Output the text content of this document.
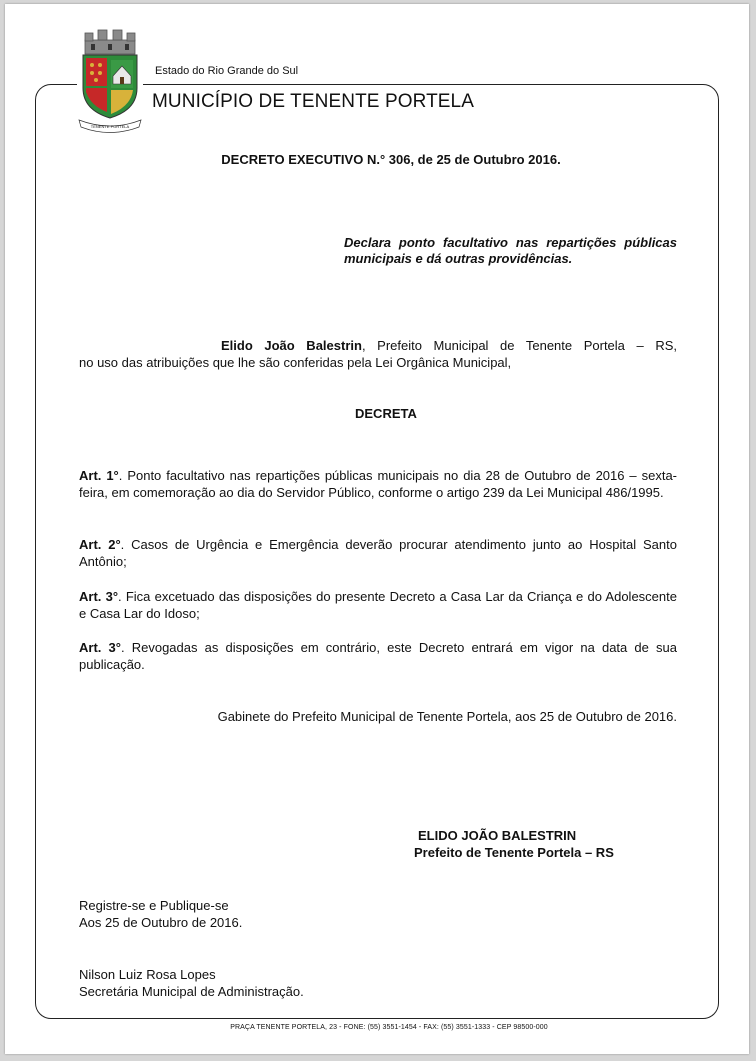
TENENTE PORTELA
Estado do Rio Grande do Sul
MUNICÍPIO DE TENENTE PORTELA
DECRETO EXECUTIVO N.° 306, de 25 de Outubro 2016.
Declara ponto facultativo nas repartições públicas municipais e dá outras providências.
Elido João Balestrin, Prefeito Municipal de Tenente Portela – RS,
no uso das atribuições que lhe são conferidas pela Lei Orgânica Municipal,
DECRETA

Art. 1°. Ponto facultativo nas repartições públicas municipais no dia 28 de Outubro de 2016 – sexta-feira, em comemoração ao dia do Servidor Público, conforme o artigo 239 da Lei Municipal 486/1995.

Art. 2°. Casos de Urgência e Emergência deverão procurar atendimento junto ao Hospital Santo Antônio;

Art. 3°. Fica excetuado das disposições do presente Decreto a Casa Lar da Criança e do Adolescente e Casa Lar do Idoso;

Art. 3°. Revogadas as disposições em contrário, este Decreto entrará em vigor na data de sua publicação.

Gabinete do Prefeito Municipal de Tenente Portela, aos 25 de Outubro de 2016.
ELIDO JOÃO BALESTRIN
Prefeito de Tenente Portela – RS
Registre-se e Publique-se
Aos 25 de Outubro de 2016.
Nilson Luiz Rosa Lopes
Secretária Municipal de Administração.
PRAÇA TENENTE PORTELA, 23 - FONE: (55) 3551-1454 - FAX: (55) 3551-1333 - CEP 98500-000
